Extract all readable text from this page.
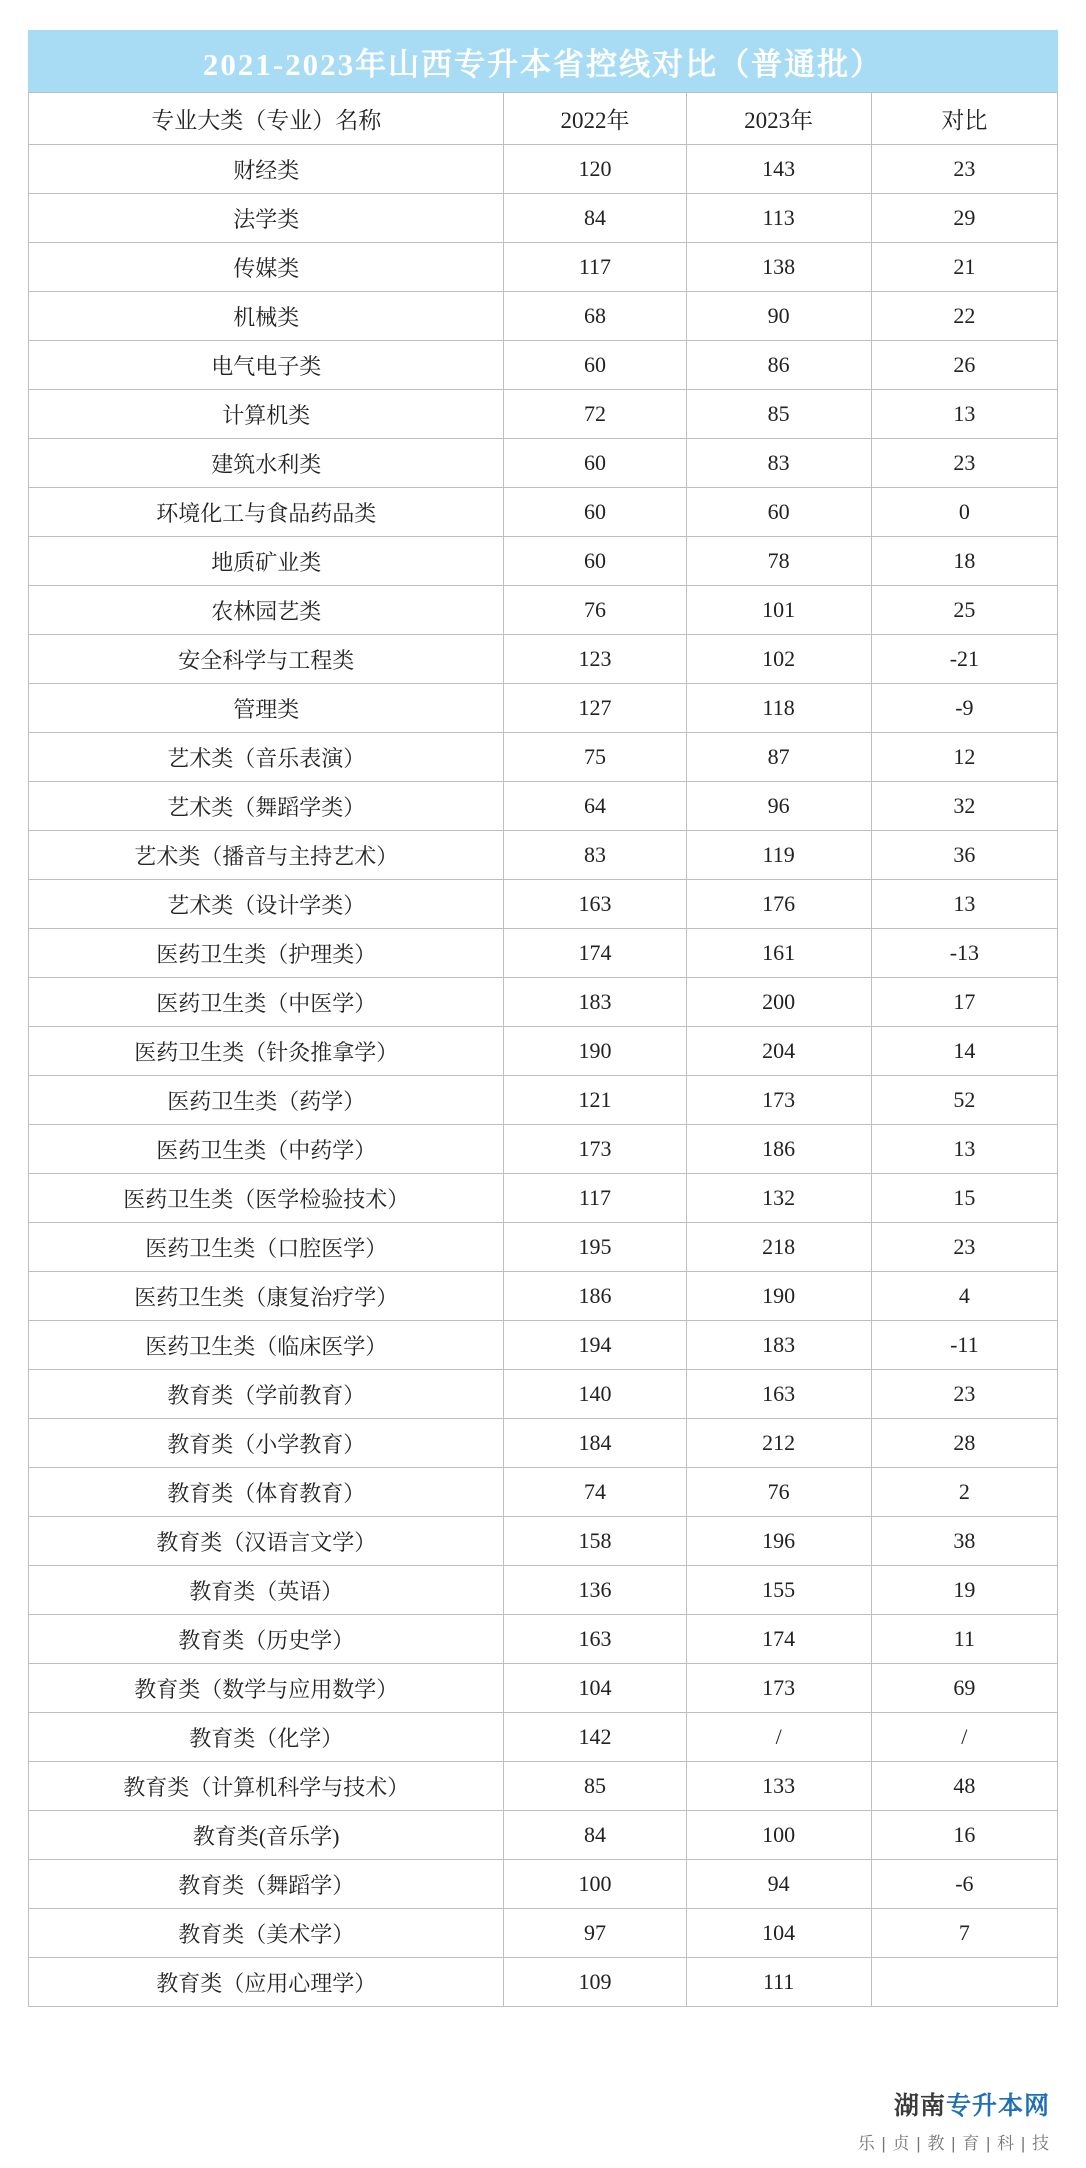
2021-2023年山西专升本省控线对比（普通批）
专业大类（专业）名称	2022年	2023年	对比
财经类	120	143	23
法学类	84	113	29
传媒类	117	138	21
机械类	68	90	22
电气电子类	60	86	26
计算机类	72	85	13
建筑水利类	60	83	23
环境化工与食品药品类	60	60	0
地质矿业类	60	78	18
农林园艺类	76	101	25
安全科学与工程类	123	102	-21
管理类	127	118	-9
艺术类（音乐表演）	75	87	12
艺术类（舞蹈学类）	64	96	32
艺术类（播音与主持艺术）	83	119	36
艺术类（设计学类）	163	176	13
医药卫生类（护理类）	174	161	-13
医药卫生类（中医学）	183	200	17
医药卫生类（针灸推拿学）	190	204	14
医药卫生类（药学）	121	173	52
医药卫生类（中药学）	173	186	13
医药卫生类（医学检验技术）	117	132	15
医药卫生类（口腔医学）	195	218	23
医药卫生类（康复治疗学）	186	190	4
医药卫生类（临床医学）	194	183	-11
教育类（学前教育）	140	163	23
教育类（小学教育）	184	212	28
教育类（体育教育）	74	76	2
教育类（汉语言文学）	158	196	38
教育类（英语）	136	155	19
教育类（历史学）	163	174	11
教育类（数学与应用数学）	104	173	69
教育类（化学）	142	/	/
教育类（计算机科学与技术）	85	133	48
教育类(音乐学)	84	100	16
教育类（舞蹈学）	100	94	-6
教育类（美术学）	97	104	7
教育类（应用心理学）	109	111	
湖南专升本网
乐 | 贞 | 教 | 育 | 科 | 技
